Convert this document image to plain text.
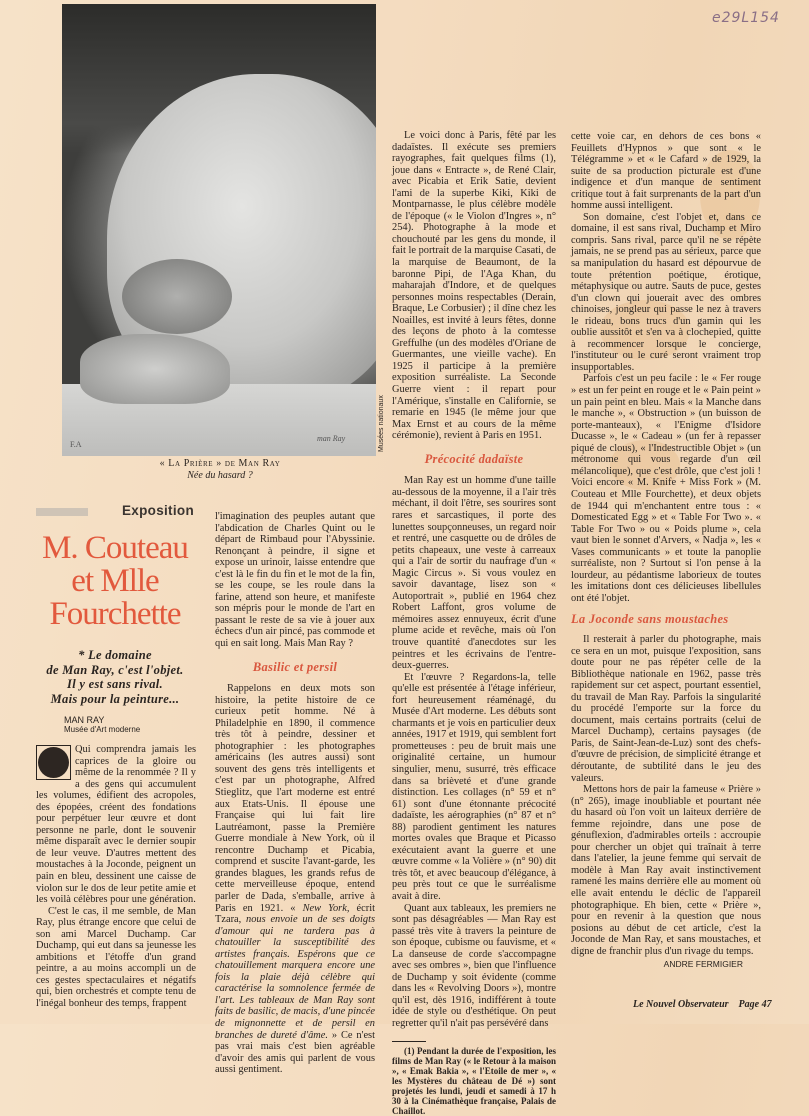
e29L154
man Ray
F.A	Musées nationaux
« La Prière » de Man Ray
Née du hasard ?
Exposition
M. Couteau
et Mlle
Fourchette
* Le domaine
de Man Ray, c'est l'objet.
Il y est sans rival.
Mais pour la peinture...
MAN RAY
Musée d'Art moderne

Qui comprendra jamais les caprices de la gloire ou même de la renommée ? Il y a des gens qui accumulent les volumes, édifient des acropoles, des épopées, créent des fondations pour perpétuer leur œuvre et dont personne ne parle, dont le souvenir même disparaît avec le dernier soupir de leur veuve. D'autres mettent des moustaches à la Joconde, peignent un pain en bleu, dessinent une caisse de violon sur le dos de leur petite amie et les voilà célèbres pour une génération.

C'est le cas, il me semble, de Man Ray, plus étrange encore que celui de son ami Marcel Duchamp. Car Duchamp, qui eut dans sa jeunesse les ambitions et l'étoffe d'un grand peintre, a au moins accompli un de ces gestes spectaculaires et négatifs qui, bien orchestrés et compte tenu de l'inégal bonheur des temps, frappent

l'imagination des peuples autant que l'abdication de Charles Quint ou le départ de Rimbaud pour l'Abyssinie. Renonçant à peindre, il signe et expose un urinoir, laisse entendre que c'est là le fin du fin et le mot de la fin, se les coupe, se les roule dans la farine, attend son heure, et manifeste son mépris pour le monde de l'art en passant le reste de sa vie à jouer aux échecs d'un air pincé, pas commode et qui en sait long. Mais Man Ray ?

Basilic et persil

Rappelons en deux mots son histoire, la petite histoire de ce curieux petit homme. Né à Philadelphie en 1890, il commence très tôt à peindre, dessiner et photographier : les photographes américains (les autres aussi) sont souvent des gens très intelligents et c'est par un photographe, Alfred Stieglitz, que l'art moderne est entré aux Etats-Unis. Il épouse une Française qui lui fait lire Lautréamont, passe la Première Guerre mondiale à New York, où il rencontre Duchamp et Picabia, comprend et suscite l'avant-garde, les grandes blagues, les grands refus de cette merveilleuse époque, entend parler de Dada, s'emballe, arrive à Paris en 1921. « New York, écrit Tzara, nous envoie un de ses doigts d'amour qui ne tardera pas à chatouiller la susceptibilité des artistes français. Espérons que ce chatouillement marquera encore une fois la plaie déjà célèbre qui caractérise la somnolence fermée de l'art. Les tableaux de Man Ray sont faits de basilic, de macis, d'une pincée de mignonnette et de persil en branches de dureté d'âme. » Ce n'est pas vrai mais c'est bien agréable d'avoir des amis qui parlent de vous aussi gentiment.

Le voici donc à Paris, fêté par les dadaïstes. Il exécute ses premiers rayographes, fait quelques films (1), joue dans « Entracte », de René Clair, avec Picabia et Erik Satie, devient l'ami de la superbe Kiki, Kiki de Montparnasse, le plus célèbre modèle de l'époque (« le Violon d'Ingres », n° 254). Photographe à la mode et chouchouté par les gens du monde, il fait le portrait de la marquise Casati, de la marquise de Beaumont, de la baronne Pipi, de l'Aga Khan, du maharajah d'Indore, et de quelques personnes moins respectables (Derain, Braque, Le Corbusier) ; il dîne chez les Noailles, est invité à leurs fêtes, donne des leçons de photo à la comtesse Greffulhe (un des modèles d'Oriane de Guermantes, une vieille vache). En 1925 il participe à la première exposition surréaliste. La Seconde Guerre vient : il repart pour l'Amérique, s'installe en Californie, se remarie en 1945 (le même jour que Max Ernst et au cours de la même cérémonie), revient à Paris en 1951.

Précocité dadaïste

Man Ray est un homme d'une taille au-dessous de la moyenne, il a l'air très méchant, il doit l'être, ses sourires sont rares et sarcastiques, il porte des lunettes soupçonneuses, un regard noir et rentré, une casquette ou de drôles de petits chapeaux, une veste à carreaux qui a l'air de sortir du naufrage d'un « Magic Circus ». Si vous voulez en savoir davantage, lisez son « Autoportrait », publié en 1964 chez Robert Laffont, gros volume de mémoires assez ennuyeux, écrit d'une plume acide et revêche, mais où l'on trouve quantité d'anecdotes sur les peintres et les écrivains de l'entre-deux-guerres.

Et l'œuvre ? Regardons-la, telle qu'elle est présentée à l'étage inférieur, fort heureusement réaménagé, du Musée d'Art moderne. Les débuts sont charmants et je vois en particulier deux années, 1917 et 1919, qui semblent fort prometteuses : peu de bruit mais une originalité certaine, un humour singulier, menu, susurré, très efficace dans sa brièveté et d'une grande distinction. Les collages (n° 59 et n° 61) sont d'une étonnante précocité dadaïste, les aérographies (n° 87 et n° 88) parodient gentiment les natures mortes ovales que Braque et Picasso exécutaient avant la guerre et une œuvre comme « la Volière » (n° 90) dit très tôt, et avec beaucoup d'élégance, à peu près tout ce que le surréalisme avait à dire.

Quant aux tableaux, les premiers ne sont pas désagréables — Man Ray est passé très vite à travers la peinture de son époque, cubisme ou fauvisme, et « La danseuse de corde s'accompagne avec ses ombres », bien que l'influence de Duchamp y soit évidente (comme dans les « Revolving Doors »), montre qu'il est, dès 1916, indifférent à toute idée de style ou d'esthétique. On peut regretter qu'il n'ait pas persévéré dans

(1) Pendant la durée de l'exposition, les films de Man Ray (« le Retour à la maison », « Emak Bakia », « l'Etoile de mer », « les Mystères du château de Dé ») sont projetés les lundi, jeudi et samedi à 17 h 30 à la Cinémathèque française, Palais de Chaillot.

cette voie car, en dehors de ces bons « Feuillets d'Hypnos » que sont « le Télégramme » et « le Cafard » de 1929, la suite de sa production picturale est d'une indigence et d'un manque de sentiment critique tout à fait surprenants de la part d'un homme aussi intelligent.

Son domaine, c'est l'objet et, dans ce domaine, il est sans rival, Duchamp et Miro compris. Sans rival, parce qu'il ne se répète jamais, ne se prend pas au sérieux, parce que sa manipulation du hasard est dépourvue de toute prétention poétique, érotique, métaphysique ou autre. Sauts de puce, gestes d'un clown qui jouerait avec des ombres chinoises, jongleur qui passe le nez à travers le rideau, bons trucs d'un gamin qui les oublie aussitôt et s'en va à clochepied, quitte à recommencer lorsque le concierge, l'instituteur ou le curé seront vraiment trop insupportables.

Parfois c'est un peu facile : le « Fer rouge » est un fer peint en rouge et le « Pain peint » un pain peint en bleu. Mais « la Manche dans le manche », « Obstruction » (un buisson de porte-manteaux), « l'Enigme d'Isidore Ducasse », le « Cadeau » (un fer à repasser piqué de clous), « l'Indestructible Objet » (un métronome qui vous regarde d'un œil mélancolique), que c'est drôle, que c'est joli ! Voici encore « M. Knife + Miss Fork » (M. Couteau et Mlle Fourchette), et deux objets de 1944 qui m'enchantent entre tous : « Domesticated Egg » et « Table For Two ». « Table For Two » ou « Poids plume », cela vaut bien le sonnet d'Arvers, « Nadja », les « Vases communicants » et toute la panoplie surréaliste, non ? Surtout si l'on pense à la lourdeur, au pédantisme laborieux de toutes les imitations dont ces délicieuses libellules ont été l'objet.

La Joconde sans moustaches

Il resterait à parler du photographe, mais ce sera en un mot, puisque l'exposition, sans doute pour ne pas répéter celle de la Bibliothèque nationale en 1962, passe très rapidement sur cet aspect, pourtant essentiel, du travail de Man Ray. Parfois la singularité du procédé l'emporte sur la force du document, mais certains portraits (celui de Marcel Duchamp), certains paysages (de Paris, de Saint-Jean-de-Luz) sont des chefs-d'œuvre de précision, de simplicité étrange et déroutante, de subtilité dans le jeu des valeurs.

Mettons hors de pair la fameuse « Prière » (n° 265), image inoubliable et pourtant née du hasard où l'on voit un laiteux derrière de femme rejoindre, dans une pose de génuflexion, d'admirables orteils : accroupie pour chercher un objet qui traînait à terre dans l'atelier, la jeune femme qui servait de modèle à Man Ray avait instinctivement ramené les mains derrière elle au moment où elle avait entendu le déclic de l'appareil photographique. Eh bien, cette « Prière », pour en revenir à la question que nous posions au début de cet article, c'est la Joconde de Man Ray, et sans moustaches, et digne de franchir plus d'un rivage du temps.

ANDRE FERMIGIER
Le Nouvel Observateur Page 47
